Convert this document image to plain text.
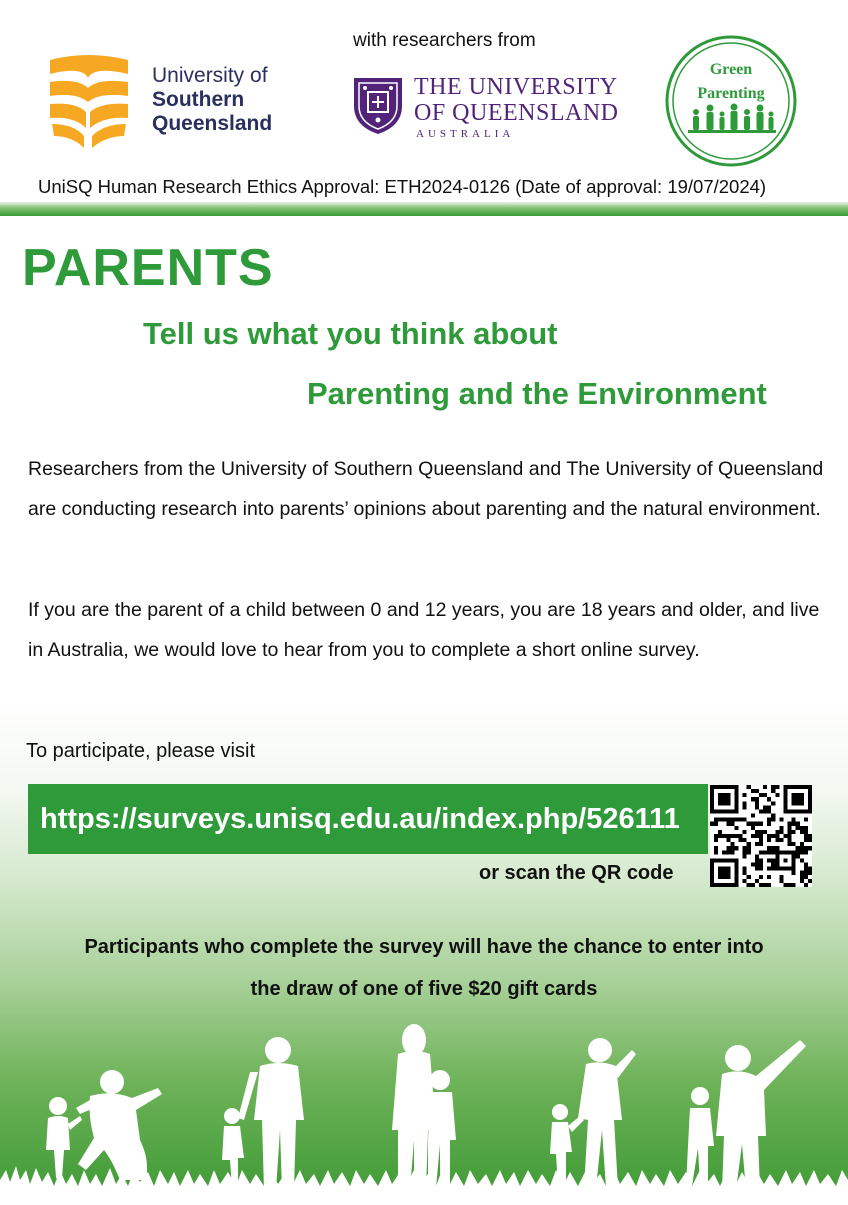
with researchers from
University of
Southern
Queensland
THE UNIVERSITY
OF QUEENSLAND
AUSTRALIA
Green
Parenting
UniSQ Human Research Ethics Approval: ETH2024-0126 (Date of approval: 19/07/2024)
PARENTS
Tell us what you think about
Parenting and the Environment
Researchers from the University of Southern Queensland and The University of Queensland are conducting research into parents’ opinions about parenting and the natural environment.
If you are the parent of a child between 0 and 12 years, you are 18 years and older, and live in Australia, we would love to hear from you to complete a short online survey.
To participate, please visit
https://surveys.unisq.edu.au/index.php/526111
or scan the QR code
Participants who complete the survey will have the chance to enter into
the draw of one of five $20 gift cards
